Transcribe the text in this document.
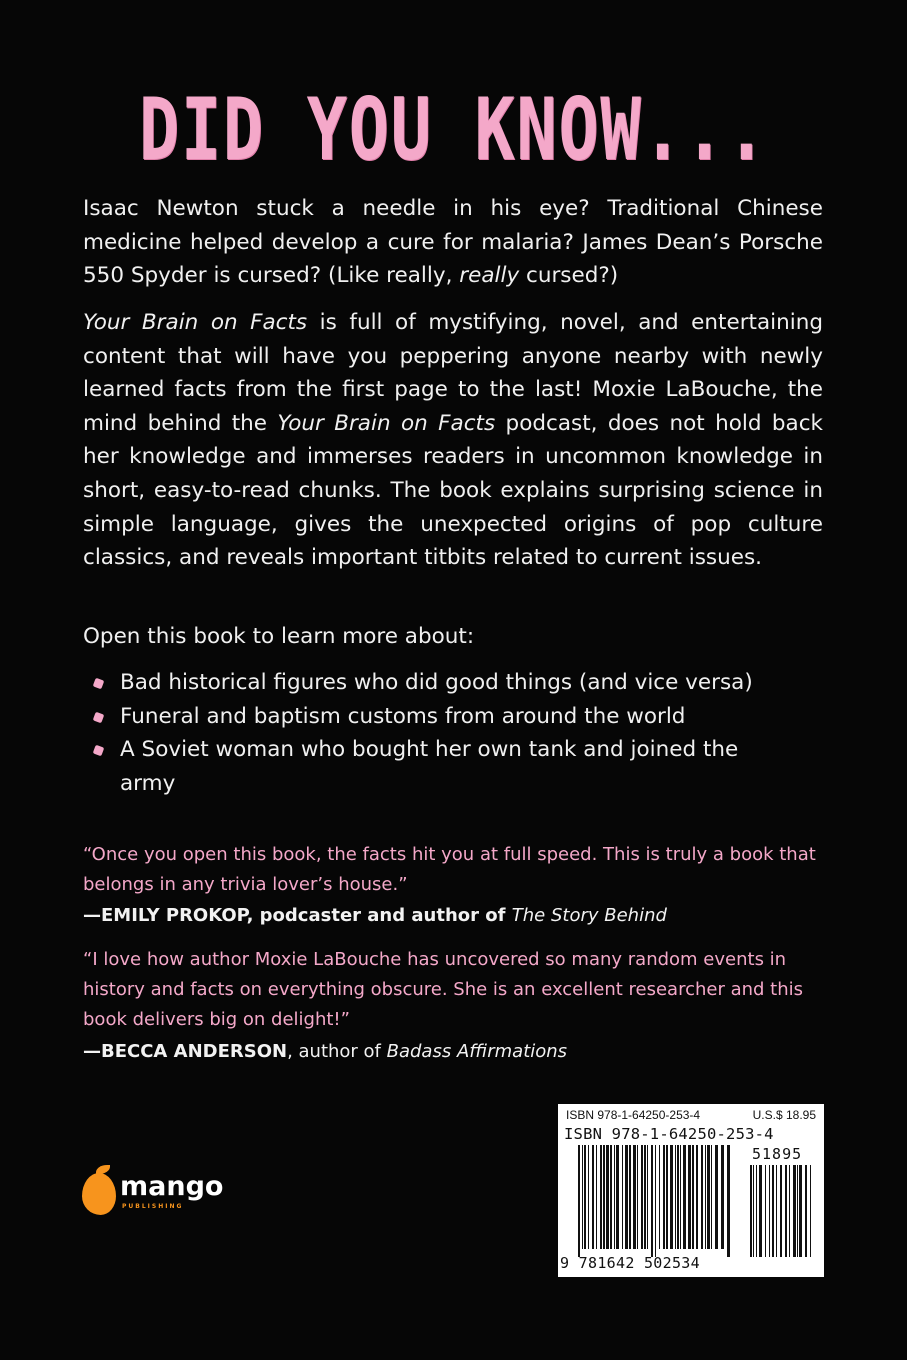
DID YOU KNOW...

Isaac Newton stuck a needle in his eye? Traditional Chinese medicine helped develop a cure for malaria? James Dean’s Porsche 550 Spyder is cursed? (Like really, really cursed?)

Your Brain on Facts is full of mystifying, novel, and entertaining content that will have you peppering anyone nearby with newly learned facts from the first page to the last! Moxie LaBouche, the mind behind the Your Brain on Facts podcast, does not hold back her knowledge and immerses readers in uncommon knowledge in short, easy-to-read chunks. The book explains surprising science in simple language, gives the unexpected origins of pop culture classics, and reveals important titbits related to current issues.

Open this book to learn more about:

Bad historical figures who did good things (and vice versa)
Funeral and baptism customs from around the world
A Soviet woman who bought her own tank and joined the army

“Once you open this book, the facts hit you at full speed. This is truly a book that belongs in any trivia lover’s house.”

—EMILY PROKOP, podcaster and author of The Story Behind

“I love how author Moxie LaBouche has uncovered so many random events in history and facts on everything obscure. She is an excellent researcher and this book delivers big on delight!”

—BECCA ANDERSON, author of Badass Affirmations

mango
PUBLISHING
ISBN 978-1-64250-253-4	U.S.$ 18.95
ISBN 978-1-64250-253-4
51895
9 781642 502534
